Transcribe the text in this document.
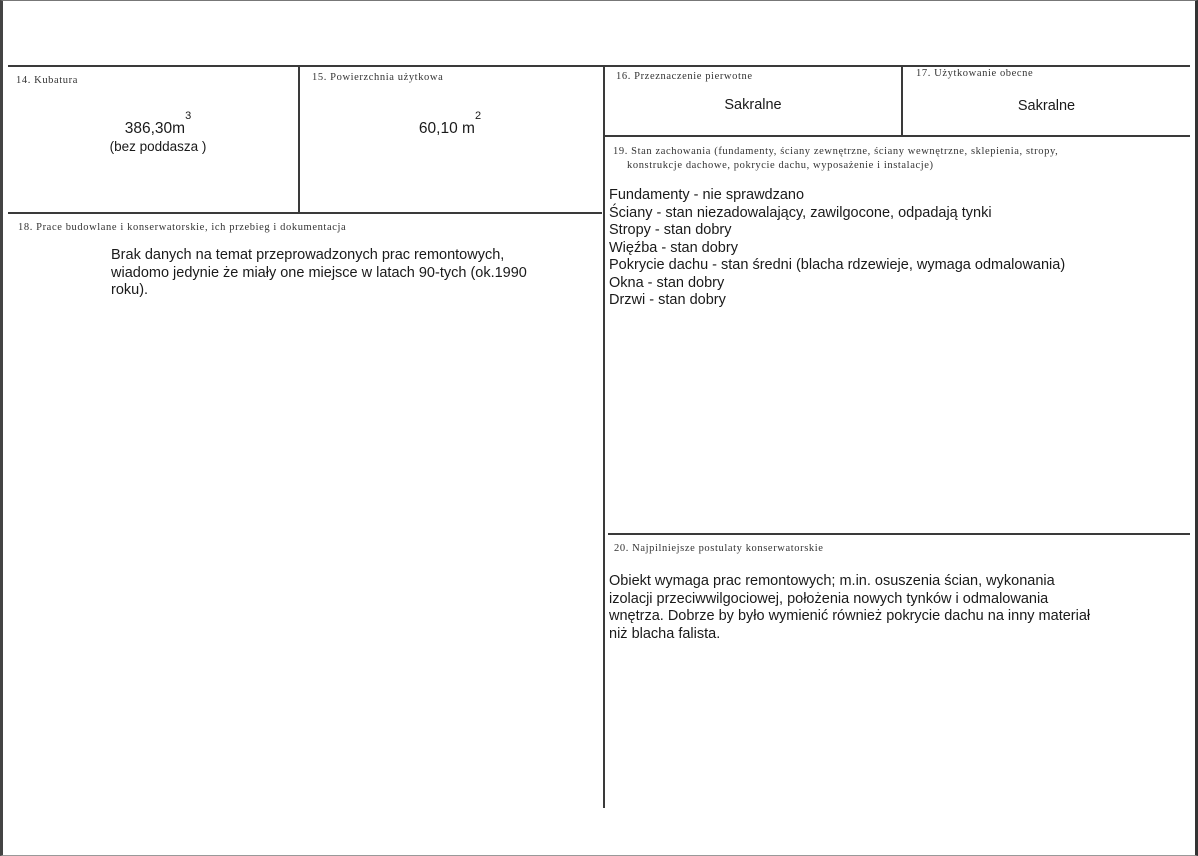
14. Kubatura
$386,30m^3$
(bez poddasza )
15. Powierzchnia użytkowa
60,10 $m^2$
16. Przeznaczenie pierwotne
Sakralne
17. Użytkowanie obecne
Sakralne
18. Prace budowlane i konserwatorskie, ich przebieg i dokumentacja
Brak danych na temat przeprowadzonych prac remontowych,
wiadomo jedynie że miały one miejsce w latach 90-tych (ok.1990
roku).
19. Stan zachowania (fundamenty, ściany zewnętrzne, ściany wewnętrzne, sklepienia, stropy,
konstrukcje dachowe, pokrycie dachu, wyposażenie i instalacje)
Fundamenty - nie sprawdzano
Ściany - stan niezadowalający, zawilgocone, odpadają tynki
Stropy - stan dobry
Więźba - stan dobry
Pokrycie dachu - stan średni (blacha rdzewieje, wymaga odmalowania)
Okna - stan dobry
Drzwi - stan dobry
20. Najpilniejsze postulaty konserwatorskie
Obiekt wymaga prac remontowych; m.in. osuszenia ścian, wykonania
izolacji przeciwwilgociowej, położenia nowych tynków i odmalowania
wnętrza. Dobrze by było wymienić również pokrycie dachu na inny materiał
niż blacha falista.
